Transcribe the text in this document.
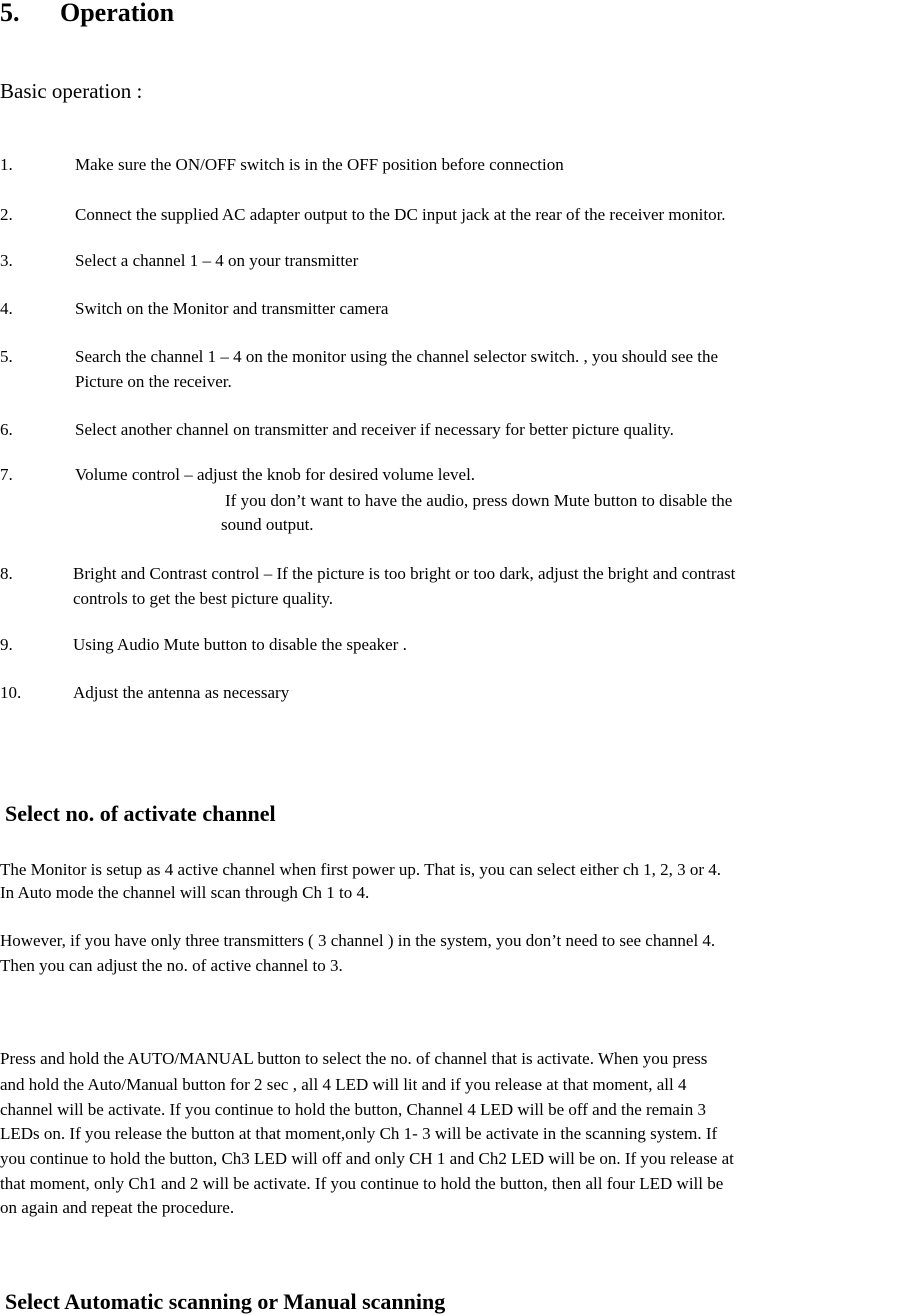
5. Operation
Basic operation :
1.	Make sure the ON/OFF switch is in the OFF position before connection
2.	Connect the supplied AC adapter output to the DC input jack at the rear of the receiver monitor.
3.	Select a channel 1 – 4 on your transmitter
4.	Switch on the Monitor and transmitter camera
5.	Search the channel 1 – 4 on the monitor using the channel selector switch. , you should see the
Picture on the receiver.
6.	Select another channel on transmitter and receiver if necessary for better picture quality.
7.	Volume control – adjust the knob for desired volume level.
If you don’t want to have the audio, press down Mute button to disable the
sound output.
8.	Bright and Contrast control – If the picture is too bright or too dark, adjust the bright and contrast
controls to get the best picture quality.
9.	Using Audio Mute button to disable the speaker .
10.	Adjust the antenna as necessary
Select no. of activate channel
The Monitor is setup as 4 active channel when first power up. That is, you can select either ch 1, 2, 3 or 4.
In Auto mode the channel will scan through Ch 1 to 4.
However, if you have only three transmitters ( 3 channel ) in the system, you don’t need to see channel 4.
Then you can adjust the no. of active channel to 3.
Press and hold the AUTO/MANUAL button to select the no. of channel that is activate. When you press
and hold the Auto/Manual button for 2 sec , all 4 LED will lit and if you release at that moment, all 4
channel will be activate. If you continue to hold the button, Channel 4 LED will be off and the remain 3
LEDs on. If you release the button at that moment,only Ch 1- 3 will be activate in the scanning system. If
you continue to hold the button, Ch3 LED will off and only CH 1 and Ch2 LED will be on. If you release at
that moment, only Ch1 and 2 will be activate. If you continue to hold the button, then all four LED will be
on again and repeat the procedure.
Select Automatic scanning or Manual scanning
